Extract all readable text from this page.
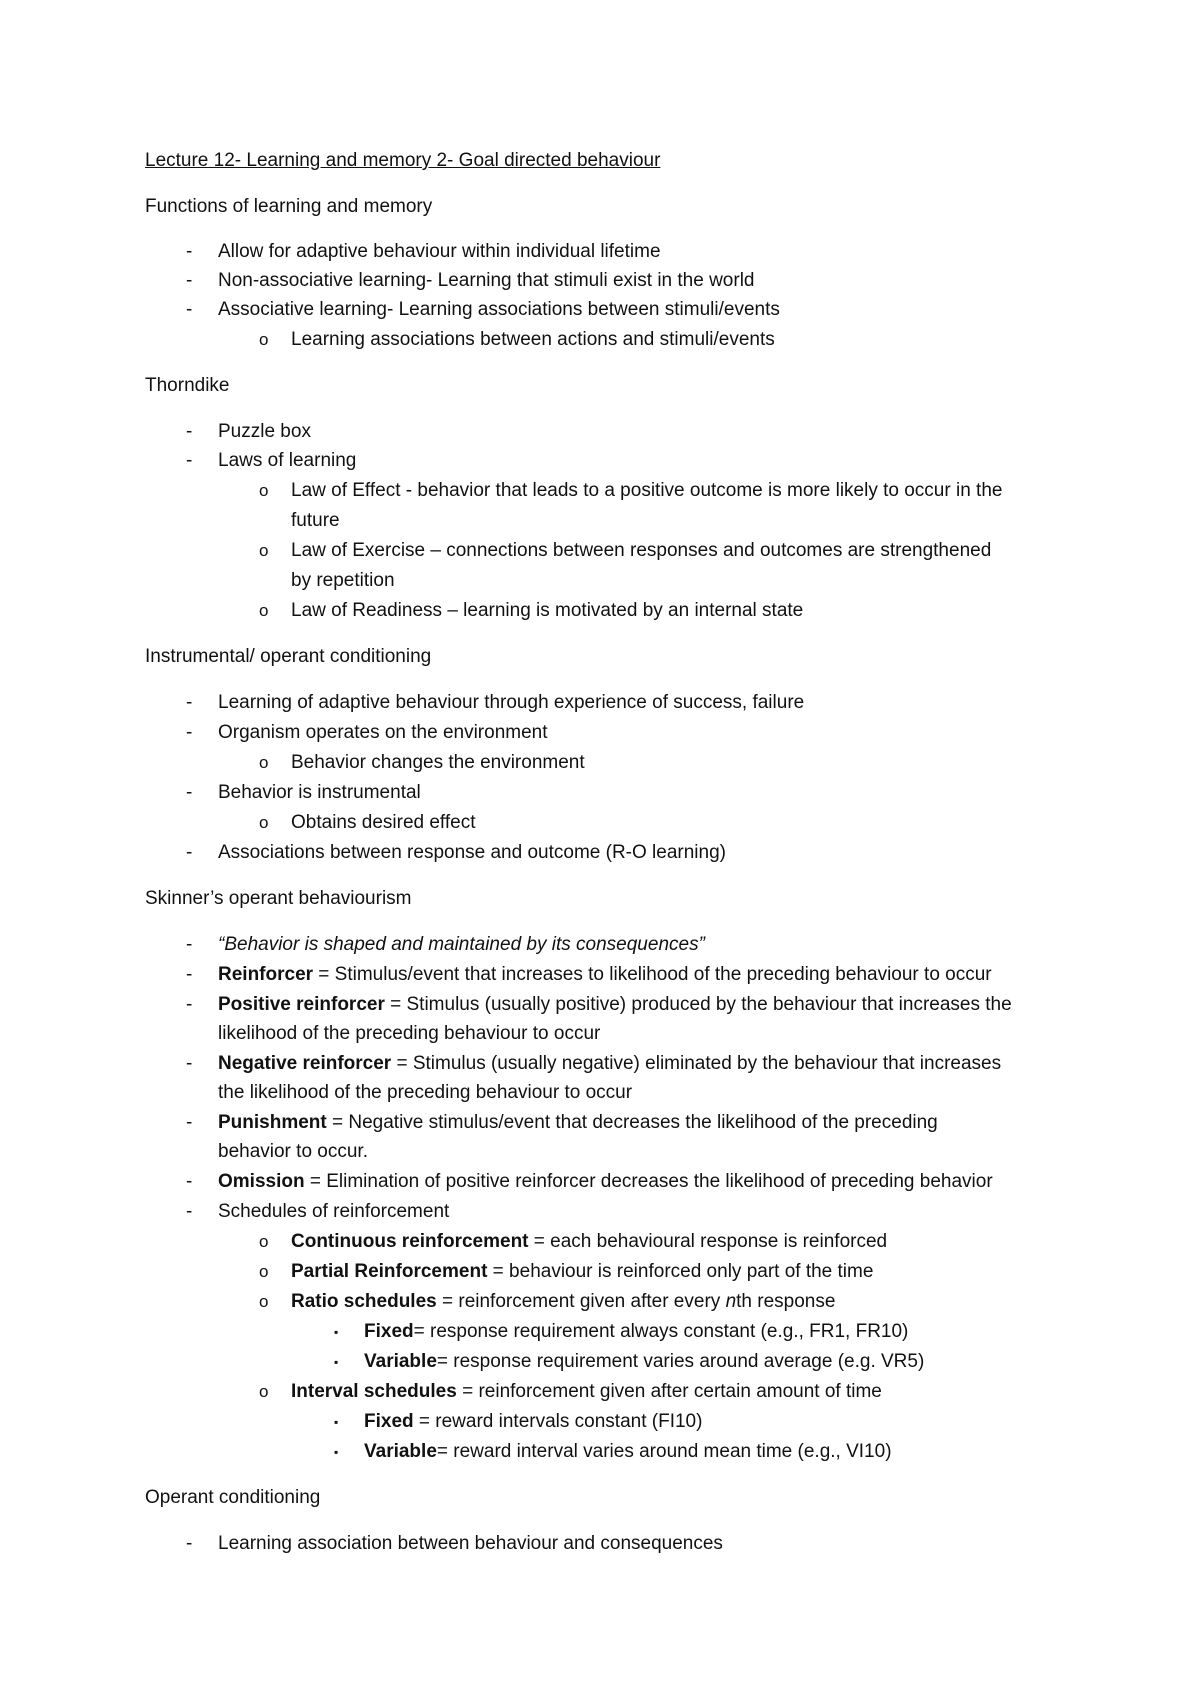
Lecture 12- Learning and memory 2- Goal directed behaviour
Functions of learning and memory
- Allow for adaptive behaviour within individual lifetime
- Non-associative learning- Learning that stimuli exist in the world
- Associative learning- Learning associations between stimuli/events
o Learning associations between actions and stimuli/events
Thorndike
- Puzzle box
- Laws of learning
o Law of Effect - behavior that leads to a positive outcome is more likely to occur in the
future
o Law of Exercise – connections between responses and outcomes are strengthened
by repetition
o Law of Readiness – learning is motivated by an internal state
Instrumental/ operant conditioning
- Learning of adaptive behaviour through experience of success, failure
- Organism operates on the environment
o Behavior changes the environment
- Behavior is instrumental
o Obtains desired effect
- Associations between response and outcome (R-O learning)
Skinner’s operant behaviourism
- “Behavior is shaped and maintained by its consequences”
- Reinforcer = Stimulus/event that increases to likelihood of the preceding behaviour to occur
- Positive reinforcer = Stimulus (usually positive) produced by the behaviour that increases the
likelihood of the preceding behaviour to occur
- Negative reinforcer = Stimulus (usually negative) eliminated by the behaviour that increases
the likelihood of the preceding behaviour to occur
- Punishment = Negative stimulus/event that decreases the likelihood of the preceding
behavior to occur.
- Omission = Elimination of positive reinforcer decreases the likelihood of preceding behavior
- Schedules of reinforcement
o Continuous reinforcement = each behavioural response is reinforced
o Partial Reinforcement = behaviour is reinforced only part of the time
o Ratio schedules = reinforcement given after every nth response
▪ Fixed= response requirement always constant (e.g., FR1, FR10)
▪ Variable= response requirement varies around average (e.g. VR5)
o Interval schedules = reinforcement given after certain amount of time
▪ Fixed = reward intervals constant (FI10)
▪ Variable= reward interval varies around mean time (e.g., VI10)
Operant conditioning
- Learning association between behaviour and consequences
